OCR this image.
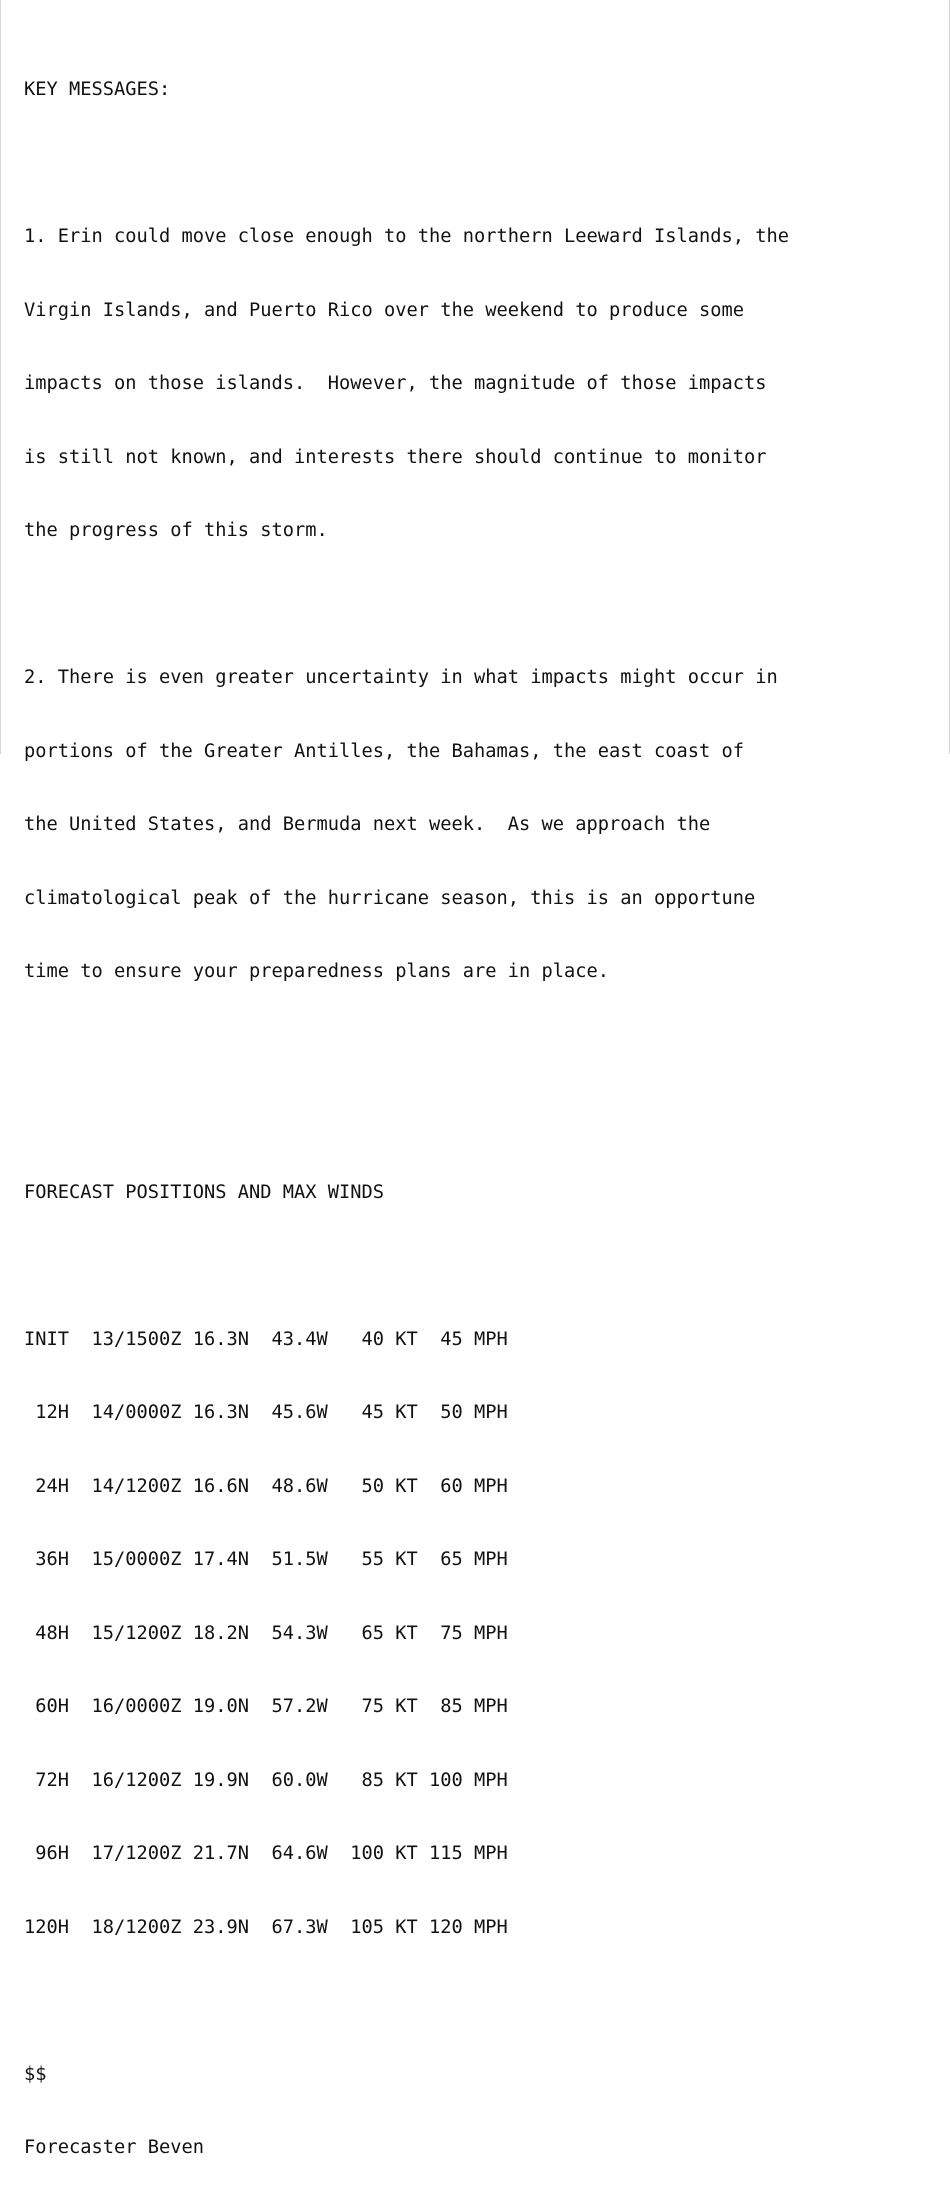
KEY MESSAGES:

1. Erin could move close enough to the northern Leeward Islands, the

Virgin Islands, and Puerto Rico over the weekend to produce some

impacts on those islands.  However, the magnitude of those impacts

is still not known, and interests there should continue to monitor

the progress of this storm.

2. There is even greater uncertainty in what impacts might occur in

portions of the Greater Antilles, the Bahamas, the east coast of

the United States, and Bermuda next week.  As we approach the

climatological peak of the hurricane season, this is an opportune

time to ensure your preparedness plans are in place.

FORECAST POSITIONS AND MAX WINDS

INIT  13/1500Z 16.3N  43.4W   40 KT  45 MPH

12H  14/0000Z 16.3N  45.6W   45 KT  50 MPH

24H  14/1200Z 16.6N  48.6W   50 KT  60 MPH

36H  15/0000Z 17.4N  51.5W   55 KT  65 MPH

48H  15/1200Z 18.2N  54.3W   65 KT  75 MPH

60H  16/0000Z 19.0N  57.2W   75 KT  85 MPH

72H  16/1200Z 19.9N  60.0W   85 KT 100 MPH

96H  17/1200Z 21.7N  64.6W  100 KT 115 MPH

120H  18/1200Z 23.9N  67.3W  105 KT 120 MPH

$$

Forecaster Beven
